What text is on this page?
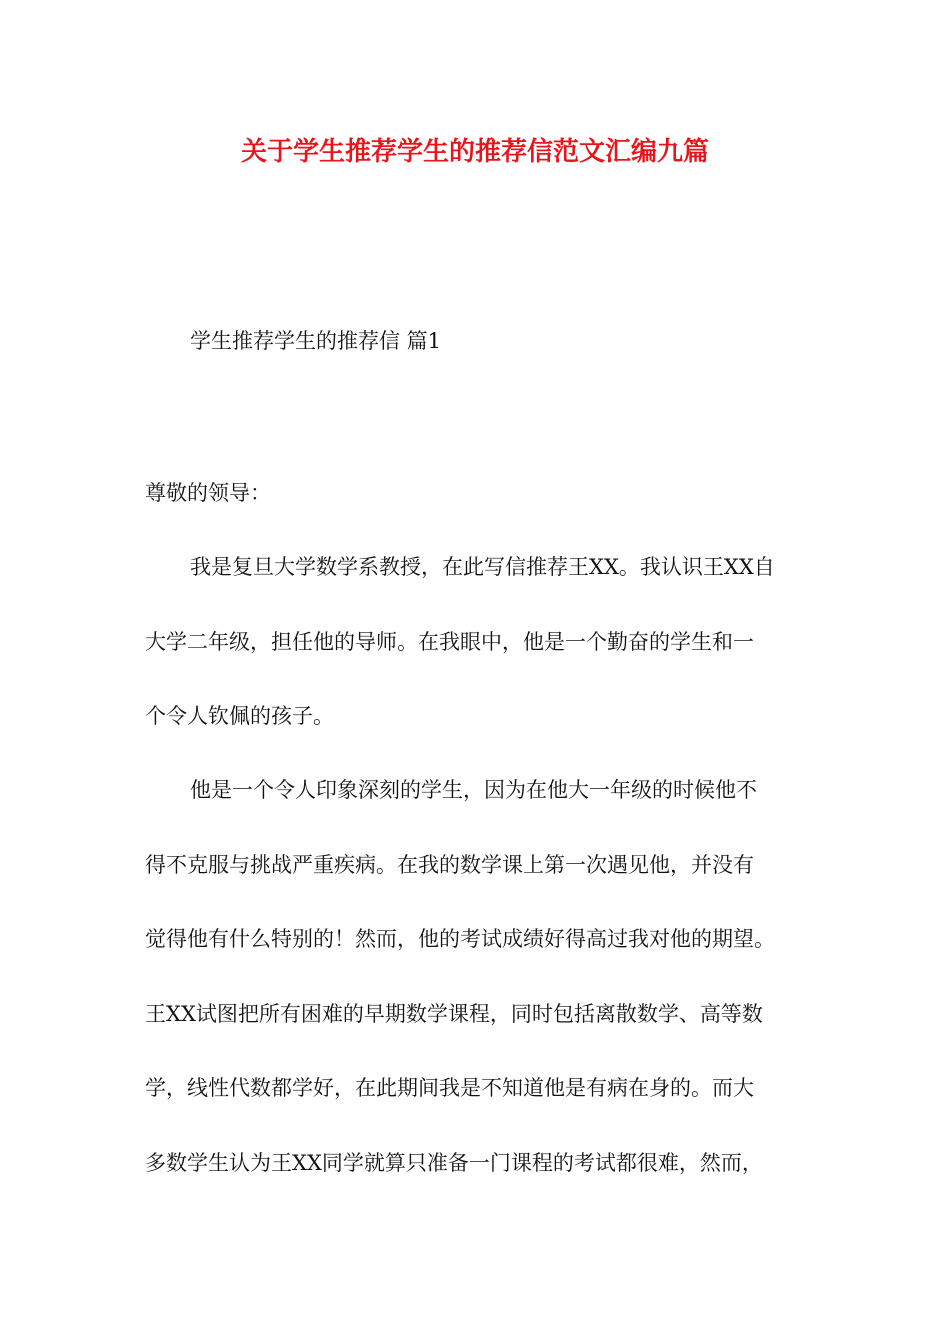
关于学生推荐学生的推荐信范文汇编九篇

学生推荐学生的推荐信 篇1

尊敬的领导：

我是复旦大学数学系教授，在此写信推荐王XX。我认识王XX自

大学二年级，担任他的导师。在我眼中，他是一个勤奋的学生和一

个令人钦佩的孩子。

他是一个令人印象深刻的学生，因为在他大一年级的时候他不

得不克服与挑战严重疾病。在我的数学课上第一次遇见他，并没有

觉得他有什么特别的！然而，他的考试成绩好得高过我对他的期望。

王XX试图把所有困难的早期数学课程，同时包括离散数学、高等数

学，线性代数都学好，在此期间我是不知道他是有病在身的。而大

多数学生认为王XX同学就算只准备一门课程的考试都很难，然而，
